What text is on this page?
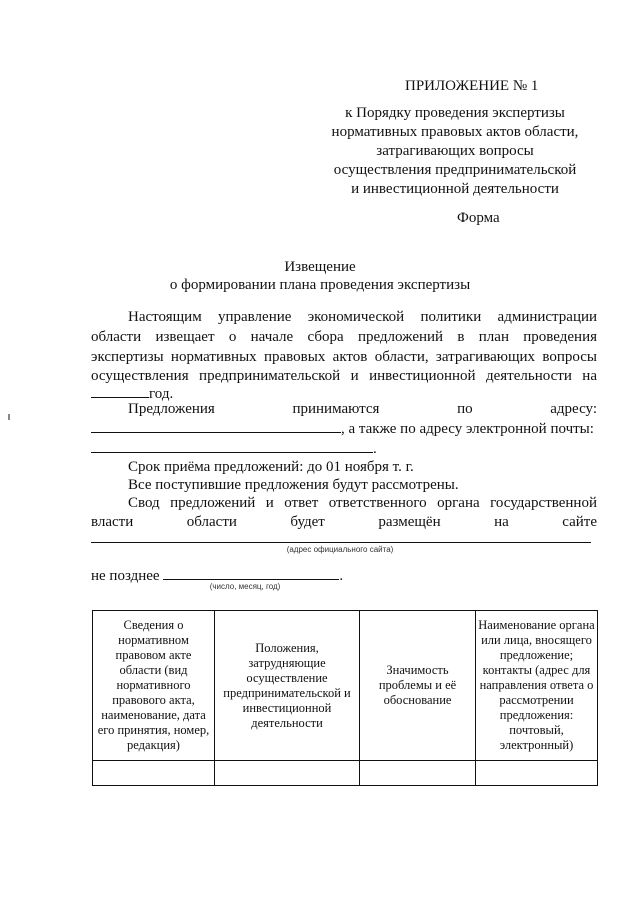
ПРИЛОЖЕНИЕ № 1
к Порядку проведения экспертизы
нормативных правовых актов области,
затрагивающих вопросы
осуществления предпринимательской
и инвестиционной деятельности
Форма
Извещение
о формировании плана проведения экспертизы
Настоящим управление экономической политики администрации
области извещает о начале сбора предложений в план проведения
экспертизы нормативных правовых актов области, затрагивающих вопросы
осуществления предпринимательской и инвестиционной деятельности на
год.
Предложения	принимаются	по	адресу:
, а также по адресу электронной почты:
.
Срок приёма предложений: до 01 ноября т. г.
Все поступившие предложения будут рассмотрены.
Свод предложений и ответ ответственного органа государственной
власти	области	будет	размещён	на	сайте
(адрес официального сайта)
не позднее	.
(число, месяц, год)
Сведения о нормативном правовом акте области (вид нормативного правового акта, наименование, дата его принятия, номер, редакция)	Положения, затрудняющие осуществление предпринимательской и инвестиционной деятельности	Значимость проблемы и её обоснование	Наименование органа или лица, вносящего предложение; контакты (адрес для направления ответа о рассмотрении предложения: почтовый, электронный)
